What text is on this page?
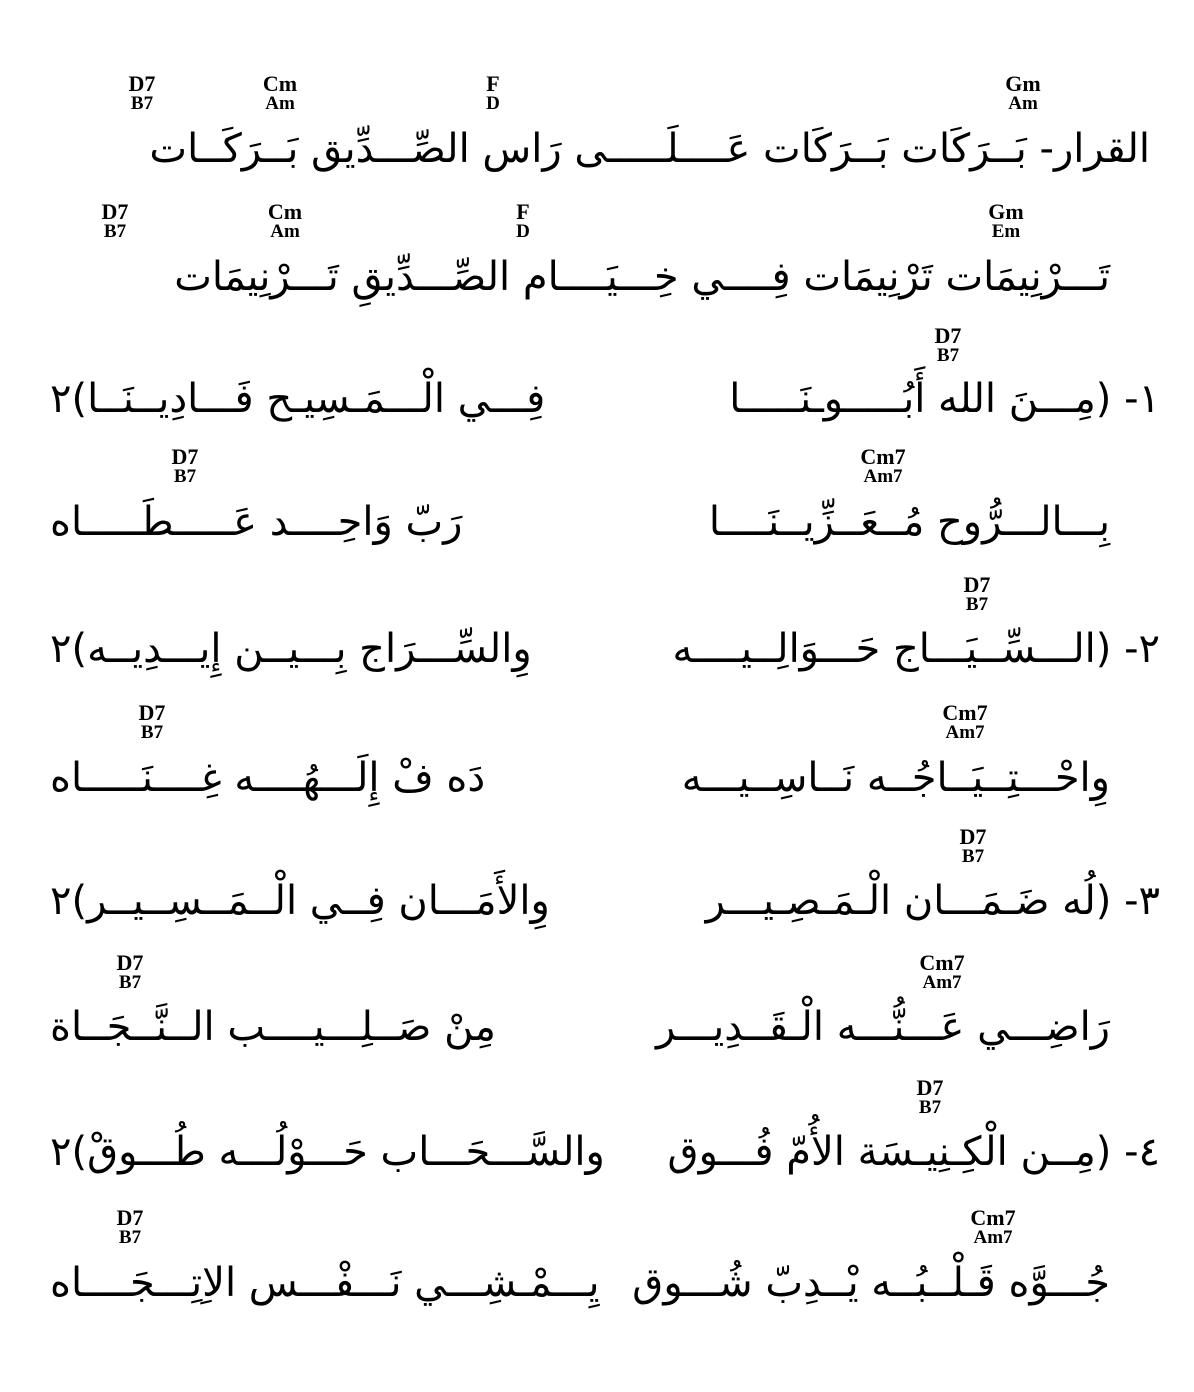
D7
B7
Cm
Am
F
D
Gm
Am
القرار- بَــرَكَات بَــرَكَات عَــــلَـــــى رَاس الصِّـــدِّيق بَــرَكَــات
D7
B7
Cm
Am
F
D
Gm
Em
تَـــرْنِيمَات تَرْنِيمَات فِــــي خِـــيَــــام الصِّـــدِّيقِ تَـــرْنِيمَات
D7
B7
١- (مِـــنَ الله أَبُـــــوـنَـــــا
فِـــي الْـــمَـسِيـح فَـــادِيــنَــا)٢
D7
B7
Cm7
Am7
بِـــالـــرُّوح مُــعَــزِّيــنَــــا
رَبّ وَاحِــــد عَـــــطَـــــاه
D7
B7
٢- (الـــسِّــيَـــاج حَـــوَالِــيــــه
وِالسِّـــرَاج بِـــيــن إِيـــدِيــه)٢
D7
B7
Cm7
Am7
وِاحْـــتِــيَــاجُــه نَــاسِــيـــه
دَه فْ إِلَـــهُــــه غِــــنَـــــاه
D7
B7
٣- (لُه ضَـمَـــان الْـمَـصِـيـــر
وِالأَمَـــان فِــي الْــمَــسِــيــر)٢
D7
B7
Cm7
Am7
رَاضِـــي عَـــنُّـــه الْـقَــدِيـــر
مِنْ صَــلِـــيــــب الــنَّــجَــاة
D7
B7
٤- (مِــن الْكِـنِيـسَة الأُمّ فُـــوق
والسَّـــحَـــاب حَـــوْلُـــه طُـــوقْ)٢
D7
B7
Cm7
Am7
جُـــوَّه قَـلْــبُــه يْــدِبّ شُـــوق
يِـــمْـشِـــي نَـــفْـــس الاِتِـــجَــــاه
